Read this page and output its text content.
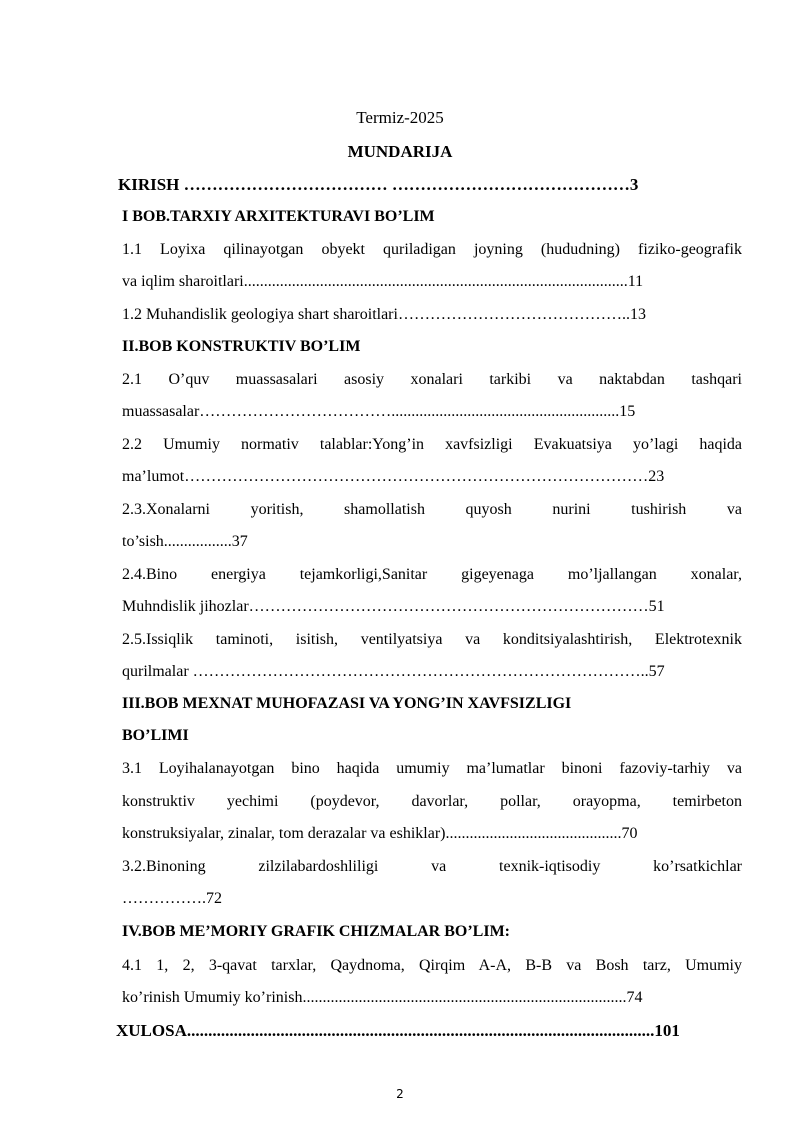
Termiz-2025
MUNDARIJA
KIRISH ……………………………… ……………………………………3
I BOB.TARXIY ARXITEKTURAVI BO’LIM
1.1 Loyixa qilinayotgan obyekt quriladigan joyning (hududning) fiziko-geografik
va iqlim sharoitlari................................................................................................11
1.2 Muhandislik geologiya shart sharoitlari……………………………………..13
II.BOB KONSTRUKTIV BO’LIM
2.1 O’quv muassasalari asosiy xonalari tarkibi va naktabdan tashqari
muassasalar……………………………….........................................................15
2.2 Umumiy normativ talablar:Yong’in xavfsizligi Evakuatsiya yo’lagi haqida
ma’lumot……………………………………………………………………………23
2.3.Xonalarni yoritish, shamollatish quyosh nurini tushirish va
to’sish.................37
2.4.Bino energiya tejamkorligi,Sanitar gigeyenaga mo’ljallangan xonalar,
Muhndislik jihozlar…………………………………………………………………51
2.5.Issiqlik taminoti, isitish, ventilyatsiya va konditsiyalashtirish, Elektrotexnik
qurilmalar …………………………………………………………………………..57
III.BOB MEXNAT MUHOFAZASI VA YONG’IN XAVFSIZLIGI
BO’LIMI
3.1 Loyihalanayotgan bino haqida umumiy ma’lumatlar binoni fazoviy-tarhiy va
konstruktiv yechimi (poydevor, davorlar, pollar, orayopma, temirbeton
konstruksiyalar, zinalar, tom derazalar va eshiklar)............................................70
3.2.Binoning zilzilabardoshliligi va texnik-iqtisodiy ko’rsatkichlar
…………….72
IV.BOB ME’MORIY GRAFIK CHIZMALAR BO’LIM:
4.1 1, 2, 3-qavat tarxlar, Qaydnoma, Qirqim A-A, B-B va Bosh tarz, Umumiy
ko’rinish Umumiy ko’rinish.................................................................................74
XULOSA..............................................................................................................101
2
